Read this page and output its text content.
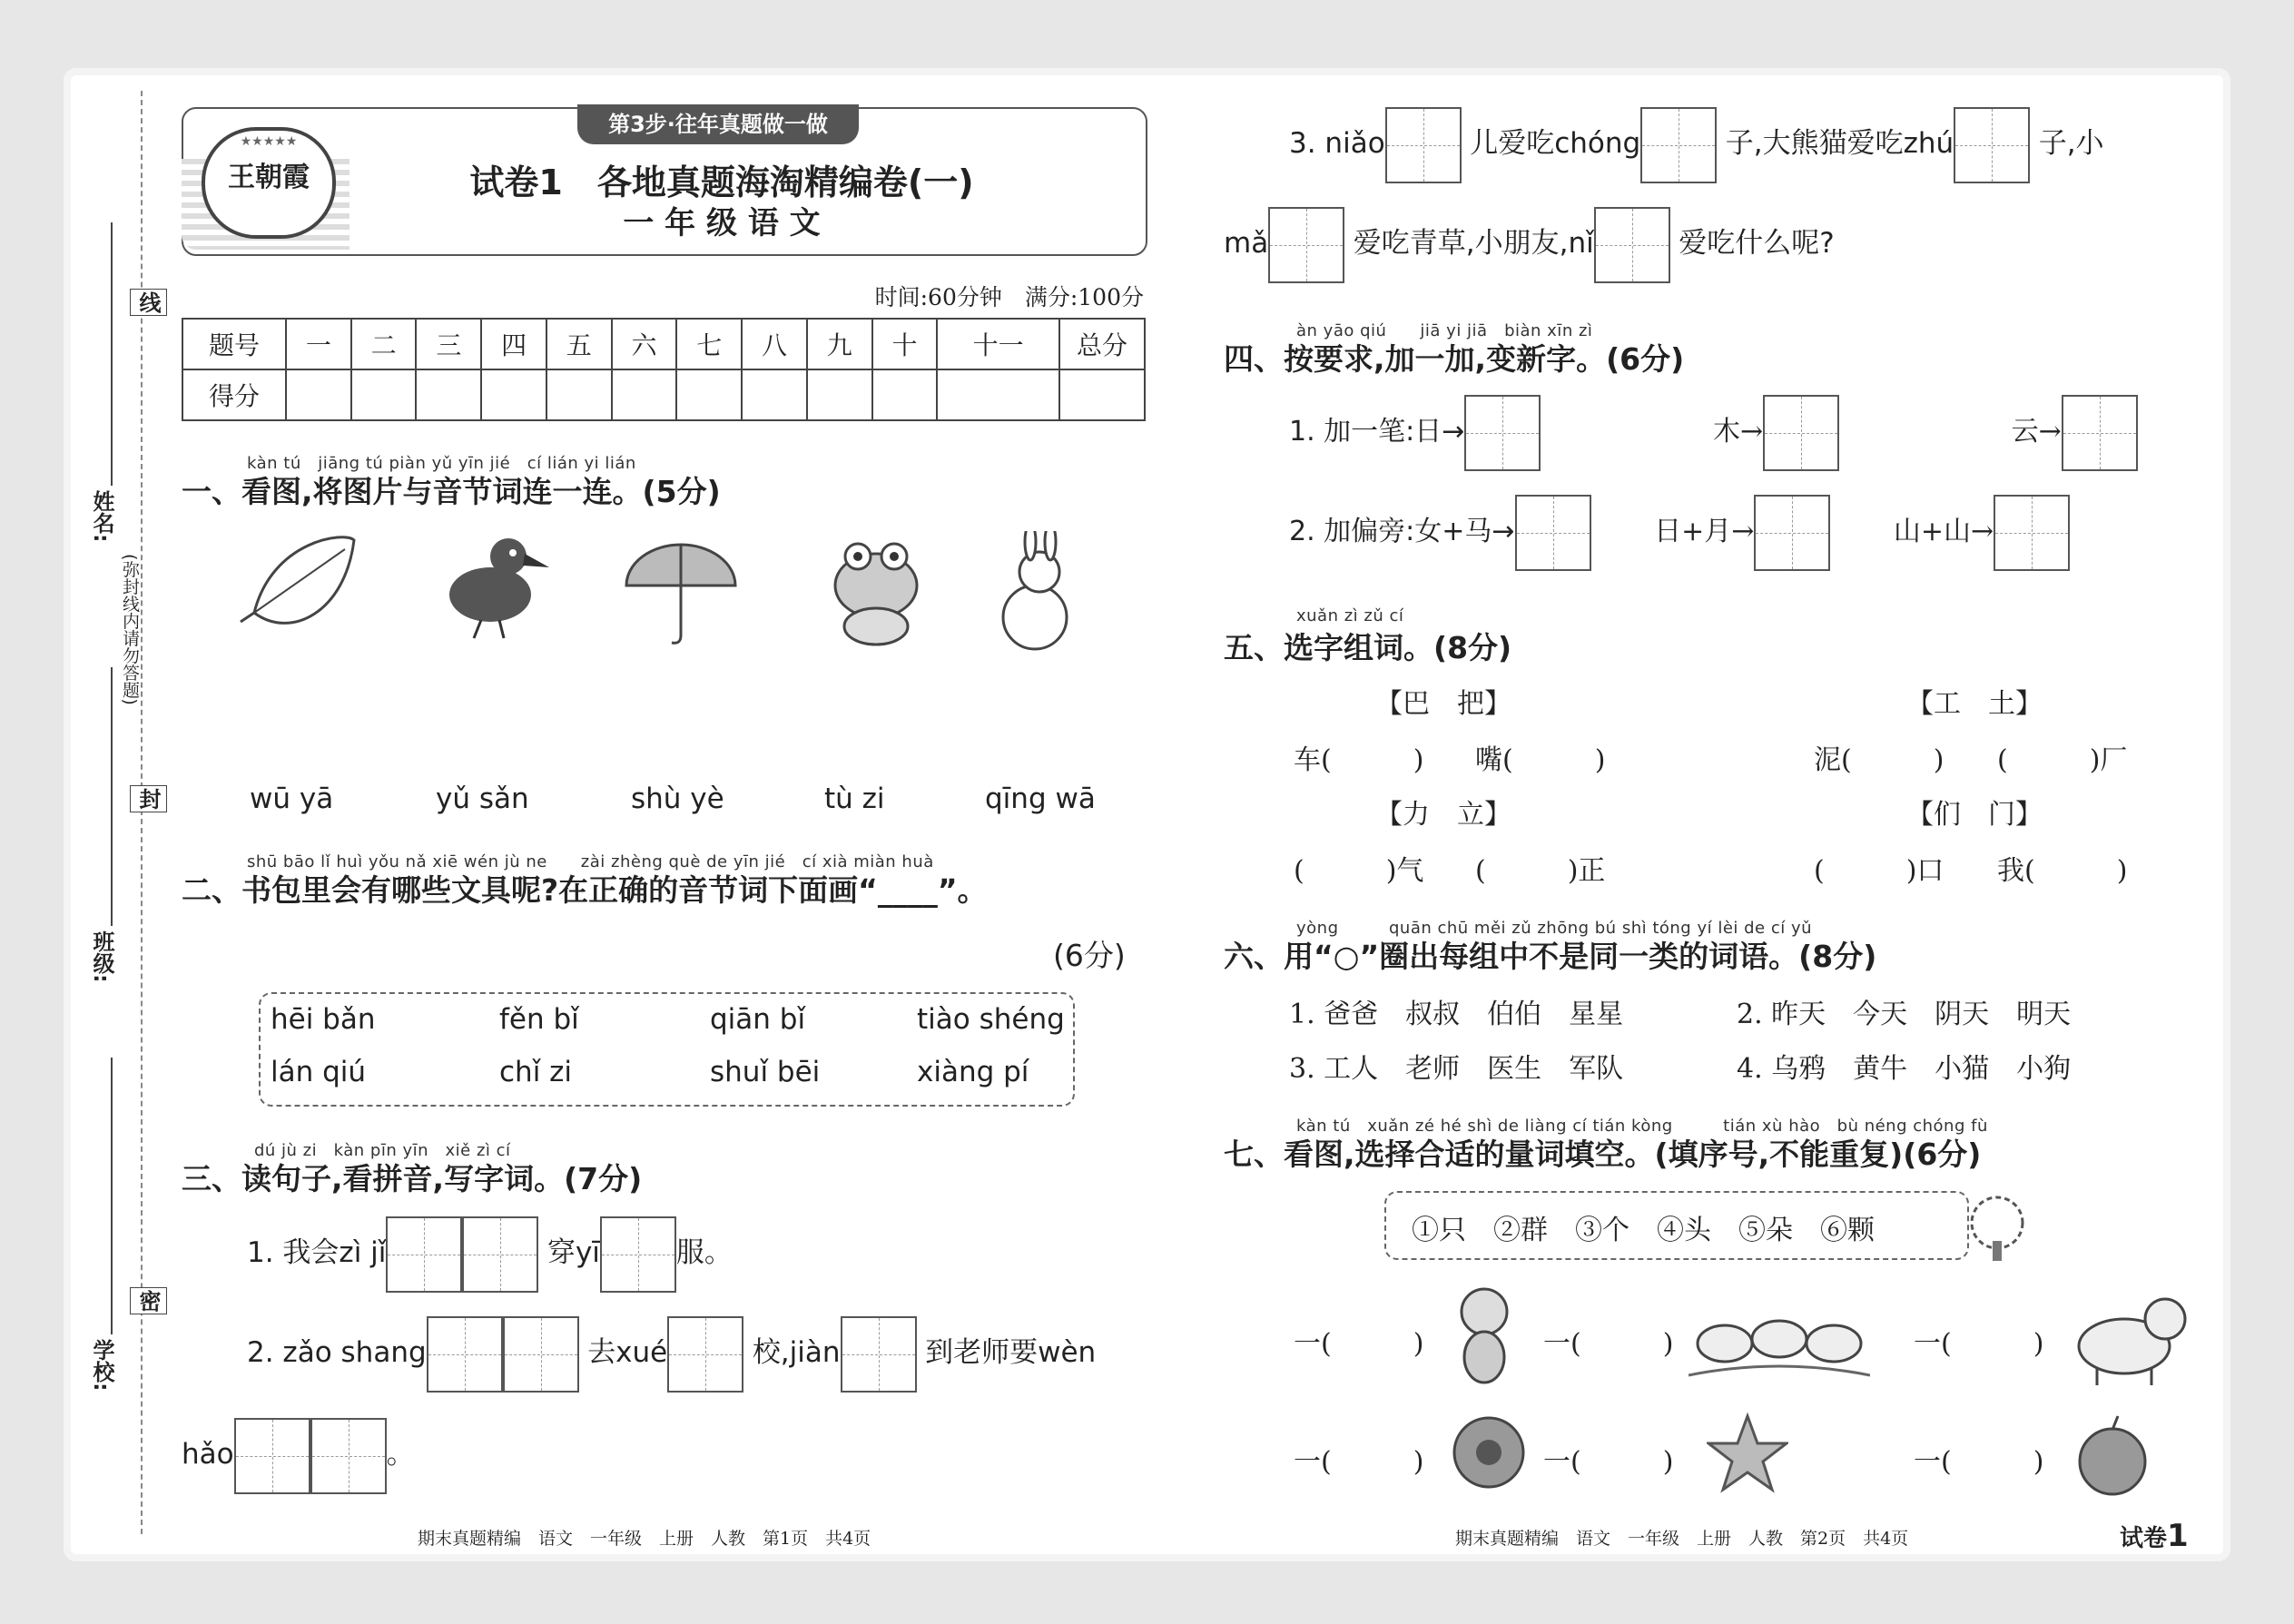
线
封
密
(弥封线内请勿答题)
姓名:
班级:
学校:
★★★★★
王朝霞
第3步·往年真题做一做
试卷1　各地真题海淘精编卷(一)
一 年 级 语 文
时间:60分钟　满分:100分
题号	一	二	三	四	五	六	七	八	九	十	十一	总分
得分												
kàn tú　jiāng tú piàn yǔ yīn jié　cí lián yi lián
一、看图,将图片与音节词连一连。(5分)
wū yā	yǔ sǎn	shù yè	tù zi	qīng wā
shū bāo lǐ huì yǒu nǎ xiē wén jù ne　　zài zhèng què de yīn jié　cí xià miàn huà
二、书包里会有哪些文具呢?在正确的音节词下面画“____”。
(6分)
hēi bǎn	fěn bǐ	qiān bǐ	tiào shéng
lán qiú	chǐ zi	shuǐ bēi	xiàng pí
dú jù zi　kàn pīn yīn　xiě zì cí
三、读句子,看拼音,写字词。(7分)
1. 我会zì jǐ	穿yī	服。
2. zǎo shang	去xué	校,jiàn	到老师要wèn
hǎo	。
3. niǎo	儿爱吃chóng	子,大熊猫爱吃zhú	子,小
mǎ	爱吃青草,小朋友,nǐ	爱吃什么呢?
àn yāo qiú　　jiā yi jiā　biàn xīn zì
四、按要求,加一加,变新字。(6分)
1. 加一笔:日→	木→	云→
2. 加偏旁:女+马→	日+月→	山+山→
xuǎn zì zǔ cí
五、选字组词。(8分)
【巴　把】	【工　土】
车(　　　) 嘴(　　　)	泥(　　　) (　　　)厂
【力　立】	【们　门】
(　　　)气 (　　　)正	(　　　)口 我(　　　)
yòng　　　quān chū měi zǔ zhōng bú shì tóng yí lèi de cí yǔ
六、用“○”圈出每组中不是同一类的词语。(8分)
1. 爸爸　叔叔　伯伯　星星	2. 昨天　今天　阴天　明天
3. 工人　老师　医生　军队	4. 乌鸦　黄牛　小猫　小狗
kàn tú　xuǎn zé hé shì de liàng cí tián kòng　　　tián xù hào　bù néng chóng fù
七、看图,选择合适的量词填空。(填序号,不能重复)(6分)
①只　②群　③个　④头　⑤朵　⑥颗
一(　　　)	一(　　　)	一(　　　)
一(　　　)	一(　　　)	一(　　　)
期末真题精编　语文　一年级　上册　人教　第1页　共4页	期末真题精编　语文　一年级　上册　人教　第2页　共4页	试卷1
